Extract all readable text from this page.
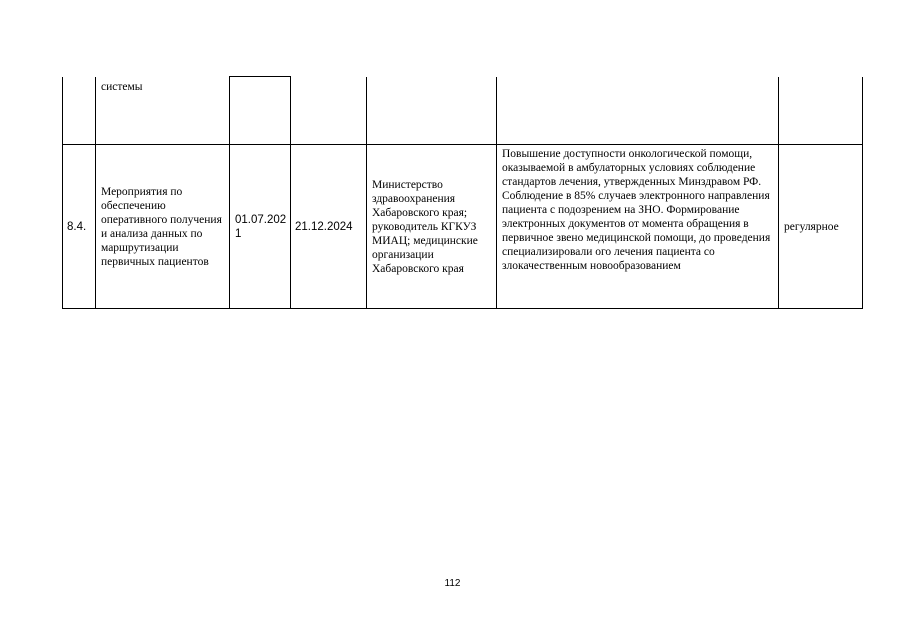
	системы					
8.4.	Мероприятия по обеспечению оперативного получения и анализа данных по маршрутизации первичных пациентов	01.07.2021	21.12.2024	Министерство здравоохранения Хабаровского края; руководитель КГКУЗ МИАЦ; медицинские организации Хабаровского края	Повышение доступности онкологической помощи, оказываемой в амбулаторных условиях соблюдение стандартов лечения, утвержденных Минздравом РФ. Соблюдение в 85% случаев электронного направления пациента с подозрением на ЗНО. Формирование электронных документов от момента обращения в первичное звено медицинской помощи, до проведения специализировали ого лечения пациента со злокачественным новообразованием	регулярное
112
